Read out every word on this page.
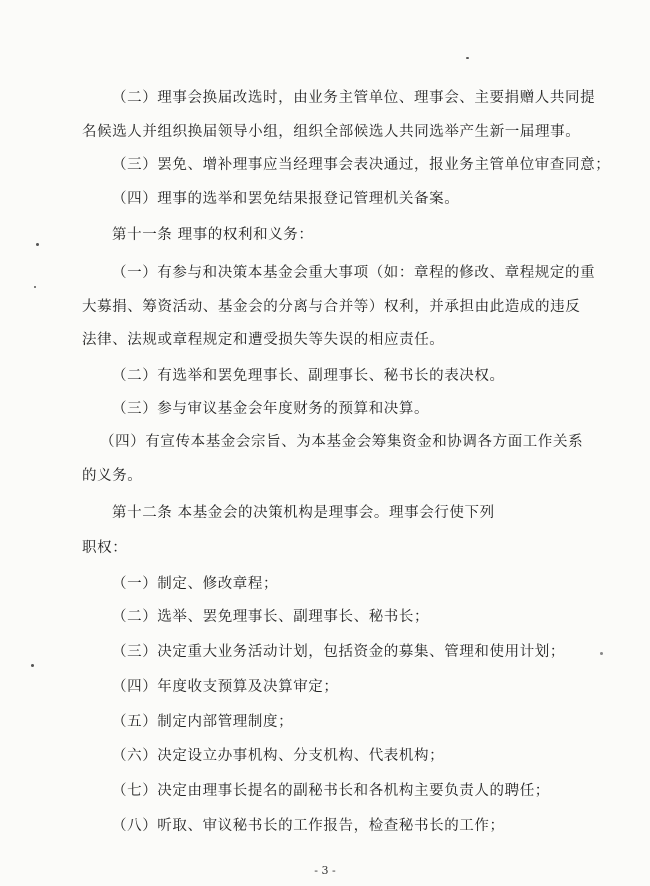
（二）理事会换届改选时，由业务主管单位、理事会、主要捐赠人共同提
名候选人并组织换届领导小组，组织全部候选人共同选举产生新一届理事。
（三）罢免、增补理事应当经理事会表决通过，报业务主管单位审查同意；
（四）理事的选举和罢免结果报登记管理机关备案。
第十一条 理事的权利和义务：
（一）有参与和决策本基金会重大事项（如：章程的修改、章程规定的重
大募捐、筹资活动、基金会的分离与合并等）权利，并承担由此造成的违反
法律、法规或章程规定和遭受损失等失误的相应责任。
（二）有选举和罢免理事长、副理事长、秘书长的表决权。
（三）参与审议基金会年度财务的预算和决算。
（四）有宣传本基金会宗旨、为本基金会筹集资金和协调各方面工作关系
的义务。
第十二条 本基金会的决策机构是理事会。理事会行使下列
职权：
（一）制定、修改章程；
（二）选举、罢免理事长、副理事长、秘书长；
（三）决定重大业务活动计划，包括资金的募集、管理和使用计划；
（四）年度收支预算及决算审定；
（五）制定内部管理制度；
（六）决定设立办事机构、分支机构、代表机构；
（七）决定由理事长提名的副秘书长和各机构主要负责人的聘任；
（八）听取、审议秘书长的工作报告，检查秘书长的工作；
- 3 -
